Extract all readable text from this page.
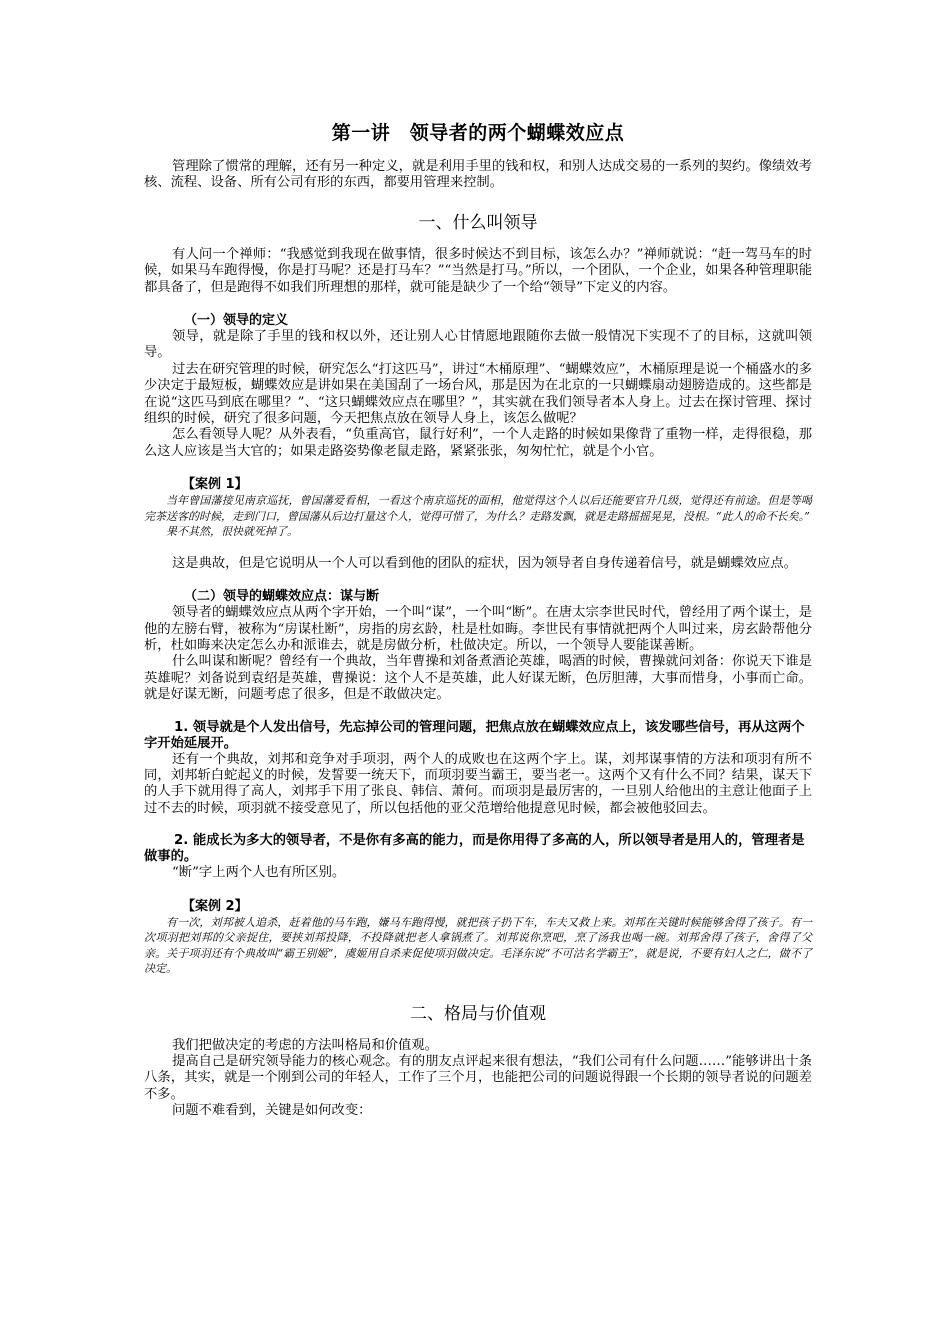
第一讲　领导者的两个蝴蝶效应点

管理除了惯常的理解，还有另一种定义，就是利用手里的钱和权，和别人达成交易的一系列的契约。像绩效考核、流程、设备、所有公司有形的东西，都要用管理来控制。

一、什么叫领导

有人问一个禅师：“我感觉到我现在做事情，很多时候达不到目标，该怎么办？”禅师就说：“赶一驾马车的时候，如果马车跑得慢，你是打马呢？还是打马车？”“当然是打马。”所以，一个团队，一个企业，如果各种管理职能都具备了，但是跑得不如我们所理想的那样，就可能是缺少了一个给“领导”下定义的内容。

（一）领导的定义

领导，就是除了手里的钱和权以外，还让别人心甘情愿地跟随你去做一般情况下实现不了的目标，这就叫领导。

过去在研究管理的时候，研究怎么“打这匹马”，讲过“木桶原理”、“蝴蝶效应”，木桶原理是说一个桶盛水的多少决定于最短板，蝴蝶效应是讲如果在美国刮了一场台风，那是因为在北京的一只蝴蝶扇动翅膀造成的。这些都是在说“这匹马到底在哪里？”、“这只蝴蝶效应点在哪里？”，其实就在我们领导者本人身上。过去在探讨管理、探讨组织的时候，研究了很多问题，今天把焦点放在领导人身上，该怎么做呢？

怎么看领导人呢？从外表看，“负重高官，鼠行好利”，一个人走路的时候如果像背了重物一样，走得很稳，那么这人应该是当大官的；如果走路姿势像老鼠走路，紧紧张张，匆匆忙忙，就是个小官。

【案例 1】

当年曾国藩接见南京巡抚，曾国藩爱看相，一看这个南京巡抚的面相，他觉得这个人以后还能要官升几级，觉得还有前途。但是等喝完茶送客的时候，走到门口，曾国藩从后边打量这个人，觉得可惜了，为什么？走路发飘，就是走路摇摇晃晃，没根。“此人的命不长矣。”

果不其然，很快就死掉了。

这是典故，但是它说明从一个人可以看到他的团队的症状，因为领导者自身传递着信号，就是蝴蝶效应点。

（二）领导的蝴蝶效应点：谋与断

领导者的蝴蝶效应点从两个字开始，一个叫“谋”，一个叫“断”。在唐太宗李世民时代，曾经用了两个谋士，是他的左膀右臂，被称为“房谋杜断”，房指的房玄龄，杜是杜如晦。李世民有事情就把两个人叫过来，房玄龄帮他分析，杜如晦来决定怎么办和派谁去，就是房做分析，杜做决定。所以，一个领导人要能谋善断。

什么叫谋和断呢？曾经有一个典故，当年曹操和刘备煮酒论英雄，喝酒的时候，曹操就问刘备：你说天下谁是英雄呢？刘备说到袁绍是英雄，曹操说：这个人不是英雄，此人好谋无断，色厉胆薄，大事而惜身，小事而亡命。就是好谋无断，问题考虑了很多，但是不敢做决定。

1. 领导就是个人发出信号，先忘掉公司的管理问题，把焦点放在蝴蝶效应点上，该发哪些信号，再从这两个字开始延展开。

还有一个典故，刘邦和竞争对手项羽，两个人的成败也在这两个字上。谋，刘邦谋事情的方法和项羽有所不同，刘邦斩白蛇起义的时候，发誓要一统天下，而项羽要当霸王，要当老一。这两个又有什么不同？结果，谋天下的人手下就用得了高人，刘邦手下用了张良、韩信、萧何。而项羽是最厉害的，一旦别人给他出的主意让他面子上过不去的时候，项羽就不接受意见了，所以包括他的亚父范增给他提意见时候，都会被他驳回去。

2. 能成长为多大的领导者，不是你有多高的能力，而是你用得了多高的人，所以领导者是用人的，管理者是做事的。

“断”字上两个人也有所区别。

【案例 2】

有一次，刘邦被人追杀，赶着他的马车跑，嫌马车跑得慢，就把孩子扔下车，车夫又救上来。刘邦在关键时候能够舍得了孩子。有一次项羽把刘邦的父亲捉住，要挟刘邦投降，不投降就把老人拿锅煮了。刘邦说你烹吧，烹了汤我也喝一碗。刘邦舍得了孩子，舍得了父亲。关于项羽还有个典故叫“霸王别姬”，虞姬用自杀来促使项羽做决定。毛泽东说“不可沽名学霸王”，就是说，不要有妇人之仁，做不了决定。

二、格局与价值观

我们把做决定的考虑的方法叫格局和价值观。

提高自己是研究领导能力的核心观念。有的朋友点评起来很有想法，“我们公司有什么问题……”能够讲出十条八条，其实，就是一个刚到公司的年轻人，工作了三个月，也能把公司的问题说得跟一个长期的领导者说的问题差不多。

问题不难看到，关键是如何改变：
